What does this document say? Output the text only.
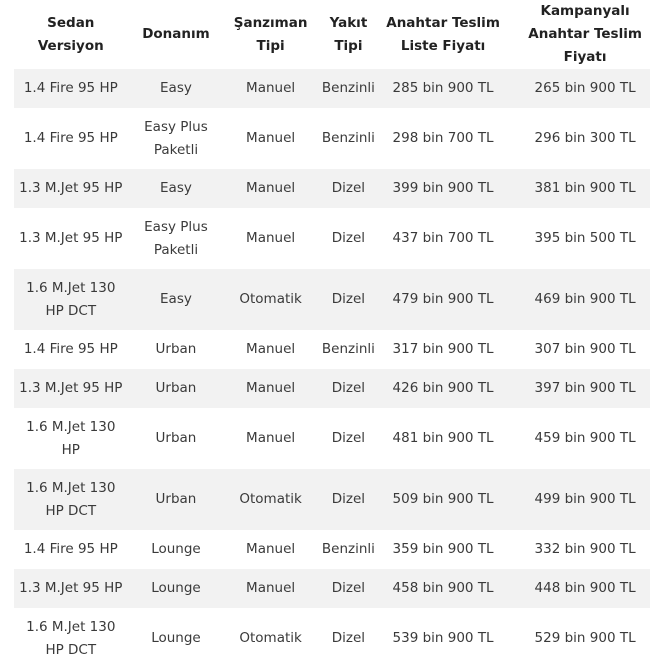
Sedan Versiyon	Donanım	Şanzıman Tipi	Yakıt Tipi	Anahtar Teslim Liste Fiyatı	Kampanyalı Anahtar Teslim Fiyatı
1.4 Fire 95 HP	Easy	Manuel	Benzinli	285 bin 900 TL	265 bin 900 TL
1.4 Fire 95 HP	Easy Plus Paketli	Manuel	Benzinli	298 bin 700 TL	296 bin 300 TL
1.3 M.Jet 95 HP	Easy	Manuel	Dizel	399 bin 900 TL	381 bin 900 TL
1.3 M.Jet 95 HP	Easy Plus Paketli	Manuel	Dizel	437 bin 700 TL	395 bin 500 TL
1.6 M.Jet 130 HP DCT	Easy	Otomatik	Dizel	479 bin 900 TL	469 bin 900 TL
1.4 Fire 95 HP	Urban	Manuel	Benzinli	317 bin 900 TL	307 bin 900 TL
1.3 M.Jet 95 HP	Urban	Manuel	Dizel	426 bin 900 TL	397 bin 900 TL
1.6 M.Jet 130 HP	Urban	Manuel	Dizel	481 bin 900 TL	459 bin 900 TL
1.6 M.Jet 130 HP DCT	Urban	Otomatik	Dizel	509 bin 900 TL	499 bin 900 TL
1.4 Fire 95 HP	Lounge	Manuel	Benzinli	359 bin 900 TL	332 bin 900 TL
1.3 M.Jet 95 HP	Lounge	Manuel	Dizel	458 bin 900 TL	448 bin 900 TL
1.6 M.Jet 130 HP DCT	Lounge	Otomatik	Dizel	539 bin 900 TL	529 bin 900 TL
